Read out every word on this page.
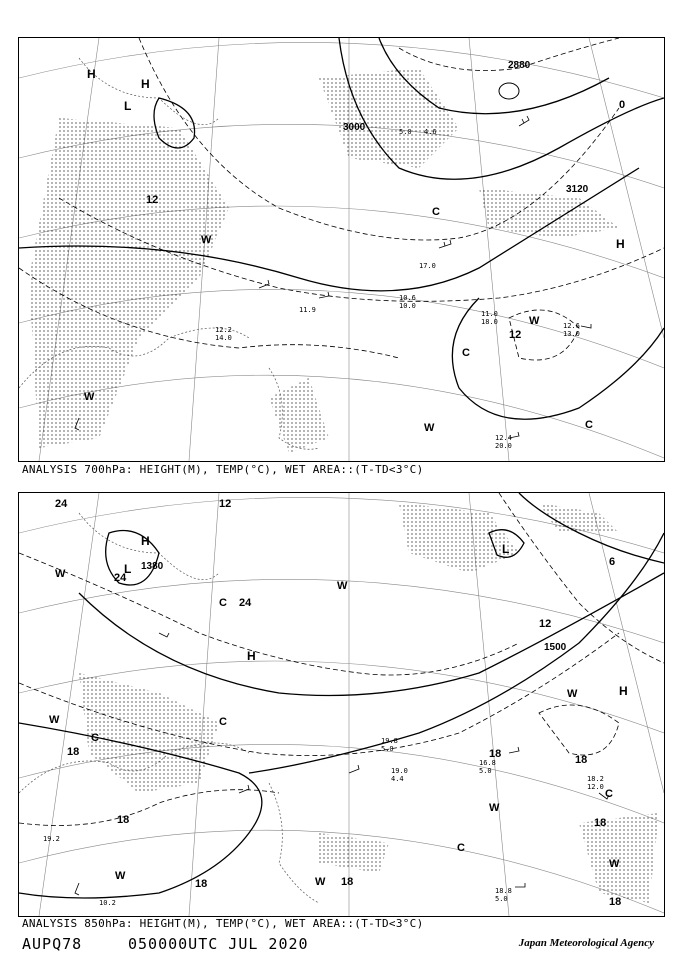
3000
2880
3120
0
12
12
H
H
H
L
C
C
C
W
W
W
W
10.6
10.0
11.0
18.0
12.4
20.0
12.6
13.0
5.0 4.6
12.2
14.0
11.9
17.0
ANALYSIS 700hPa: HEIGHT(M), TEMP(°C), WET AREA::(T-TD<3°C)
1380
1500
24
24
24
12
18
18
18	18
18
18
18
18
6
12
H
H
H
L
L
C
C
C
C
C
W
W
W	W
W
W
W
W
19.0
4.4
16.8
5.0
18.2
12.0
19.8
5.0
10.2
19.2
18.8
5.0
ANALYSIS 850hPa: HEIGHT(M), TEMP(°C), WET AREA::(T-TD<3°C)
AUPQ78	050000UTC JUL 2020	Japan Meteorological Agency
